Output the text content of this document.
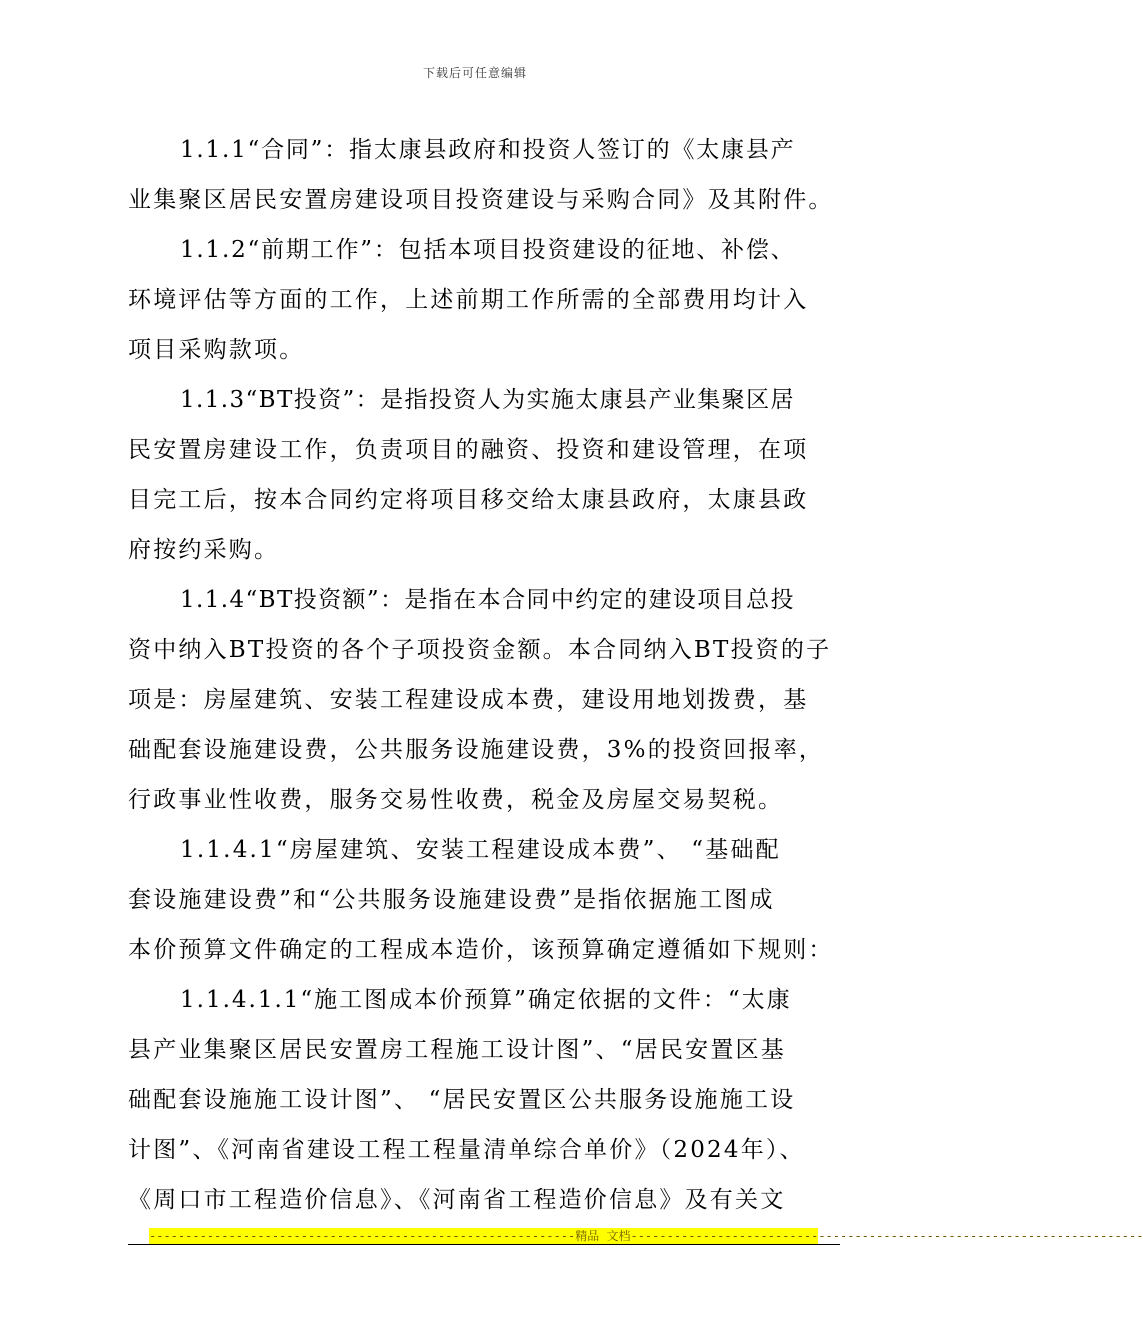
下载后可任意编辑
1.1.1“合同”：指太康县政府和投资人签订的《太康县产
业集聚区居民安置房建设项目投资建设与采购合同》及其附件。
1.1.2“前期工作”：包括本项目投资建设的征地、补偿、
环境评估等方面的工作，上述前期工作所需的全部费用均计入
项目采购款项。
1.1.3“BT投资”：是指投资人为实施太康县产业集聚区居
民安置房建设工作，负责项目的融资、投资和建设管理，在项
目完工后，按本合同约定将项目移交给太康县政府，太康县政
府按约采购。
1.1.4“BT投资额”：是指在本合同中约定的建设项目总投
资中纳入BT投资的各个子项投资金额。本合同纳入BT投资的子
项是：房屋建筑、安装工程建设成本费，建设用地划拨费，基
础配套设施建设费，公共服务设施建设费，3%的投资回报率，
行政事业性收费，服务交易性收费，税金及房屋交易契税。
1.1.4.1“房屋建筑、安装工程建设成本费”、 “基础配
套设施建设费”和“公共服务设施建设费”是指依据施工图成
本价预算文件确定的工程成本造价，该预算确定遵循如下规则：
1.1.4.1.1“施工图成本价预算”确定依据的文件：“太康
县产业集聚区居民安置房工程施工设计图”、“居民安置区基
础配套设施施工设计图”、 “居民安置区公共服务设施施工设
计图”、《河南省建设工程工程量清单综合单价》（2024年）、
《周口市工程造价信息》、《河南省工程造价信息》及有关文
-----------------------------------------------------------精品 文档-----------------------------------------------------------------------
